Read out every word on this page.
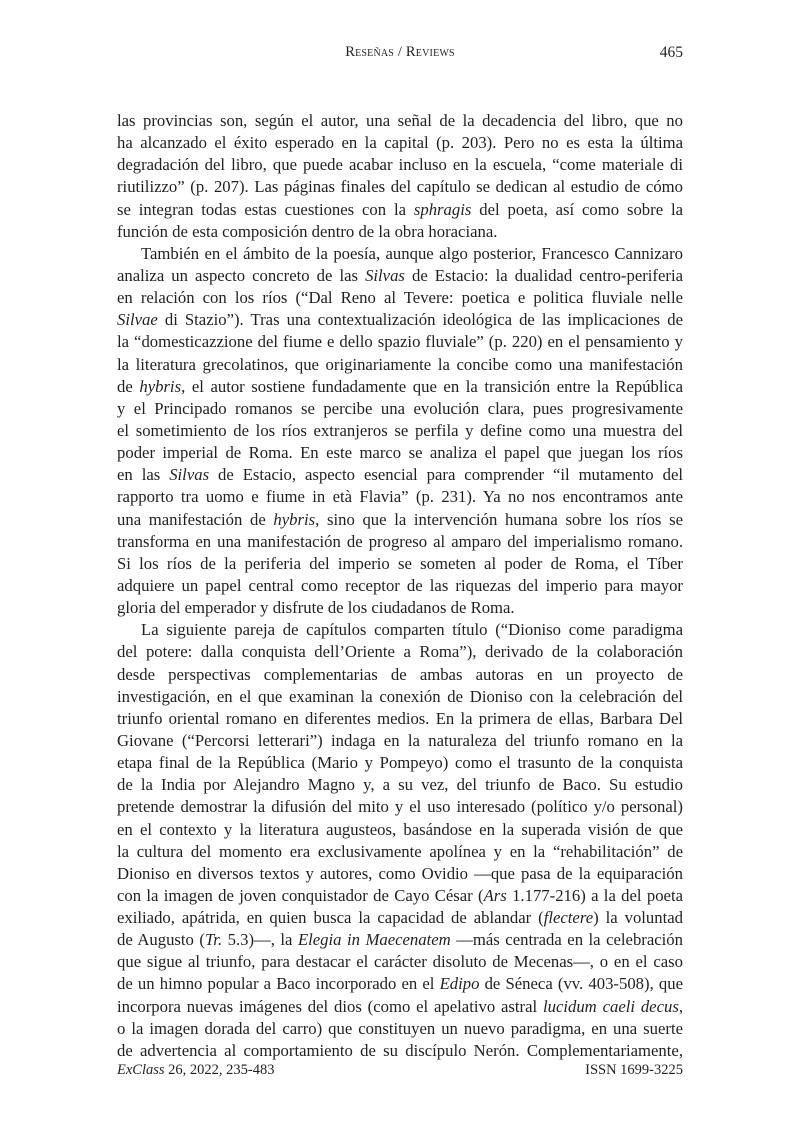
Reseñas / Reviews	465
las provincias son, según el autor, una señal de la decadencia del libro, que no
ha alcanzado el éxito esperado en la capital (p. 203). Pero no es esta la última
degradación del libro, que puede acabar incluso en la escuela, “come materiale di
riutilizzo” (p. 207). Las páginas finales del capítulo se dedican al estudio de cómo
se integran todas estas cuestiones con la sphragis del poeta, así como sobre la
función de esta composición dentro de la obra horaciana.
También en el ámbito de la poesía, aunque algo posterior, Francesco Cannizaro
analiza un aspecto concreto de las Silvas de Estacio: la dualidad centro-periferia
en relación con los ríos (“Dal Reno al Tevere: poetica e politica fluviale nelle
Silvae di Stazio”). Tras una contextualización ideológica de las implicaciones de
la “domesticazzione del fiume e dello spazio fluviale” (p. 220) en el pensamiento y
la literatura grecolatinos, que originariamente la concibe como una manifestación
de hybris, el autor sostiene fundadamente que en la transición entre la República
y el Principado romanos se percibe una evolución clara, pues progresivamente
el sometimiento de los ríos extranjeros se perfila y define como una muestra del
poder imperial de Roma. En este marco se analiza el papel que juegan los ríos
en las Silvas de Estacio, aspecto esencial para comprender “il mutamento del
rapporto tra uomo e fiume in età Flavia” (p. 231). Ya no nos encontramos ante
una manifestación de hybris, sino que la intervención humana sobre los ríos se
transforma en una manifestación de progreso al amparo del imperialismo romano.
Si los ríos de la periferia del imperio se someten al poder de Roma, el Tíber
adquiere un papel central como receptor de las riquezas del imperio para mayor
gloria del emperador y disfrute de los ciudadanos de Roma.
La siguiente pareja de capítulos comparten título (“Dioniso come paradigma
del potere: dalla conquista dell’Oriente a Roma”), derivado de la colaboración
desde perspectivas complementarias de ambas autoras en un proyecto de
investigación, en el que examinan la conexión de Dioniso con la celebración del
triunfo oriental romano en diferentes medios. En la primera de ellas, Barbara Del
Giovane (“Percorsi letterari”) indaga en la naturaleza del triunfo romano en la
etapa final de la República (Mario y Pompeyo) como el trasunto de la conquista
de la India por Alejandro Magno y, a su vez, del triunfo de Baco. Su estudio
pretende demostrar la difusión del mito y el uso interesado (político y/o personal)
en el contexto y la literatura augusteos, basándose en la superada visión de que
la cultura del momento era exclusivamente apolínea y en la “rehabilitación” de
Dioniso en diversos textos y autores, como Ovidio —que pasa de la equiparación
con la imagen de joven conquistador de Cayo César (Ars 1.177-216) a la del poeta
exiliado, apátrida, en quien busca la capacidad de ablandar (flectere) la voluntad
de Augusto (Tr. 5.3)—, la Elegia in Maecenatem —más centrada en la celebración
que sigue al triunfo, para destacar el carácter disoluto de Mecenas—, o en el caso
de un himno popular a Baco incorporado en el Edipo de Séneca (vv. 403-508), que
incorpora nuevas imágenes del dios (como el apelativo astral lucidum caeli decus,
o la imagen dorada del carro) que constituyen un nuevo paradigma, en una suerte
de advertencia al comportamiento de su discípulo Nerón. Complementariamente,
ExClass 26, 2022, 235-483	ISSN 1699-3225
